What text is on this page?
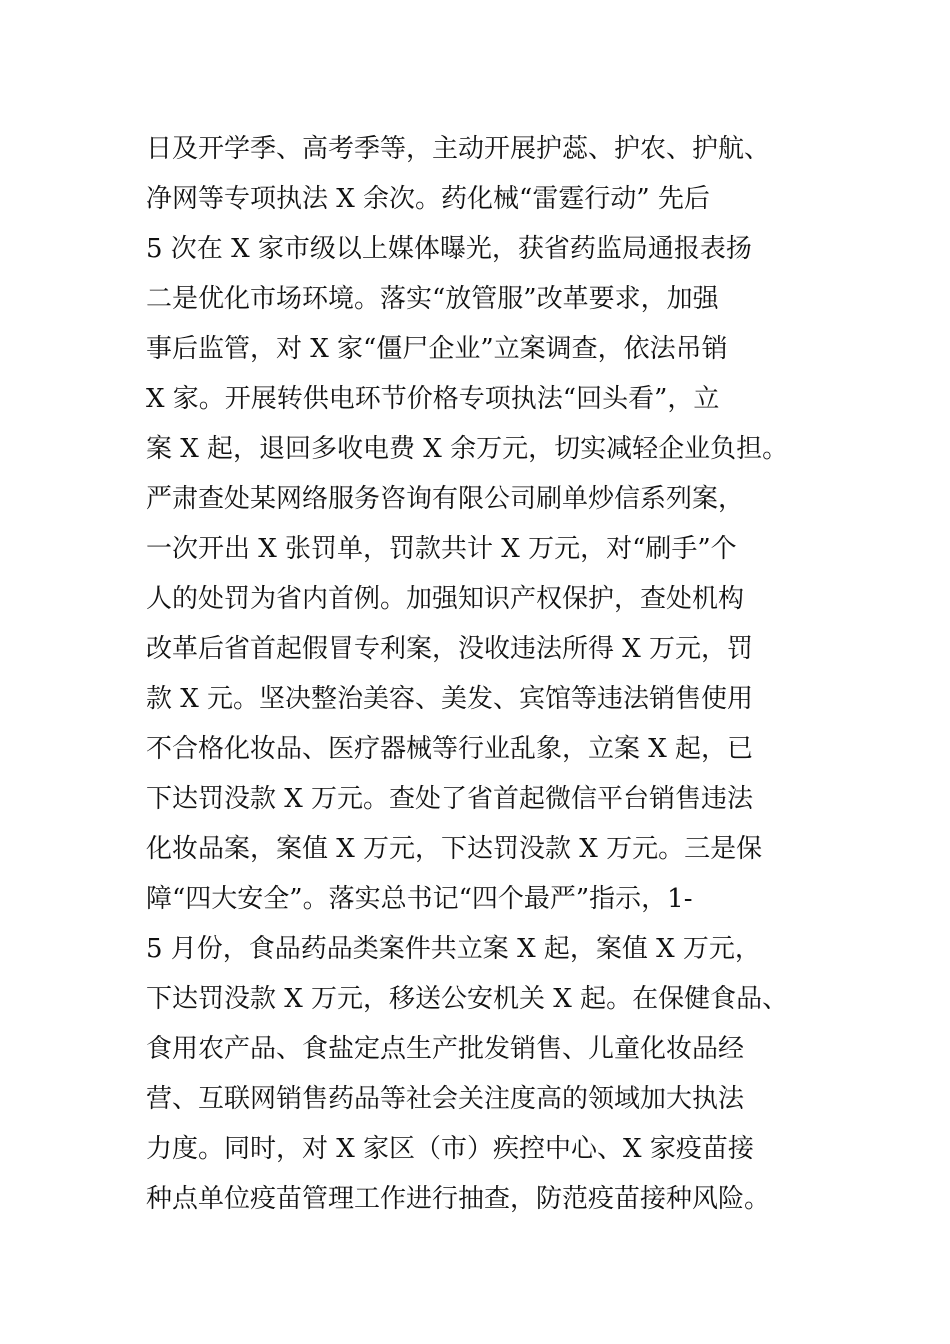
日及开学季、高考季等，主动开展护蕊、护农、护航、
净网等专项执法 X 余次。药化械“雷霆行动” 先后
5 次在 X 家市级以上媒体曝光，获省药监局通报表扬
二是优化市场环境。落实“放管服”改革要求，加强
事后监管，对 X 家“僵尸企业”立案调查，依法吊销
X 家。开展转供电环节价格专项执法“回头看”，立
案 X 起，退回多收电费 X 余万元，切实减轻企业负担。
严肃查处某网络服务咨询有限公司刷单炒信系列案，
一次开出 X 张罚单，罚款共计 X 万元，对“刷手”个
人的处罚为省内首例。加强知识产权保护，查处机构
改革后省首起假冒专利案，没收违法所得 X 万元，罚
款 X 元。坚决整治美容、美发、宾馆等违法销售使用
不合格化妆品、医疗器械等行业乱象，立案 X 起，已
下达罚没款 X 万元。查处了省首起微信平台销售违法
化妆品案，案值 X 万元，下达罚没款 X 万元。三是保
障“四大安全”。落实总书记“四个最严”指示，1-
5 月份，食品药品类案件共立案 X 起，案值 X 万元，
下达罚没款 X 万元，移送公安机关 X 起。在保健食品、
食用农产品、食盐定点生产批发销售、儿童化妆品经
营、互联网销售药品等社会关注度高的领域加大执法
力度。同时，对 X 家区（市）疾控中心、X 家疫苗接
种点单位疫苗管理工作进行抽查，防范疫苗接种风险。
